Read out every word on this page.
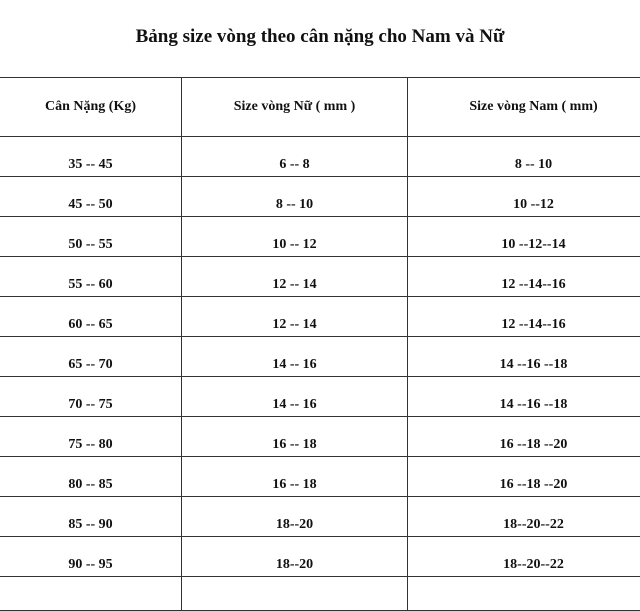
Bảng size vòng theo cân nặng cho Nam và Nữ
Cân Nặng (Kg)	Size vòng Nữ ( mm )	Size vòng Nam ( mm)
35 -- 45	6 -- 8	8 -- 10
45 -- 50	8 -- 10	10 --12
50 -- 55	10 -- 12	10 --12--14
55 -- 60	12 -- 14	12 --14--16
60 -- 65	12 -- 14	12 --14--16
65 -- 70	14 -- 16	14 --16 --18
70 -- 75	14 -- 16	14 --16 --18
75 -- 80	16 -- 18	16 --18 --20
80 -- 85	16 -- 18	16 --18 --20
85 -- 90	18--20	18--20--22
90 -- 95	18--20	18--20--22
